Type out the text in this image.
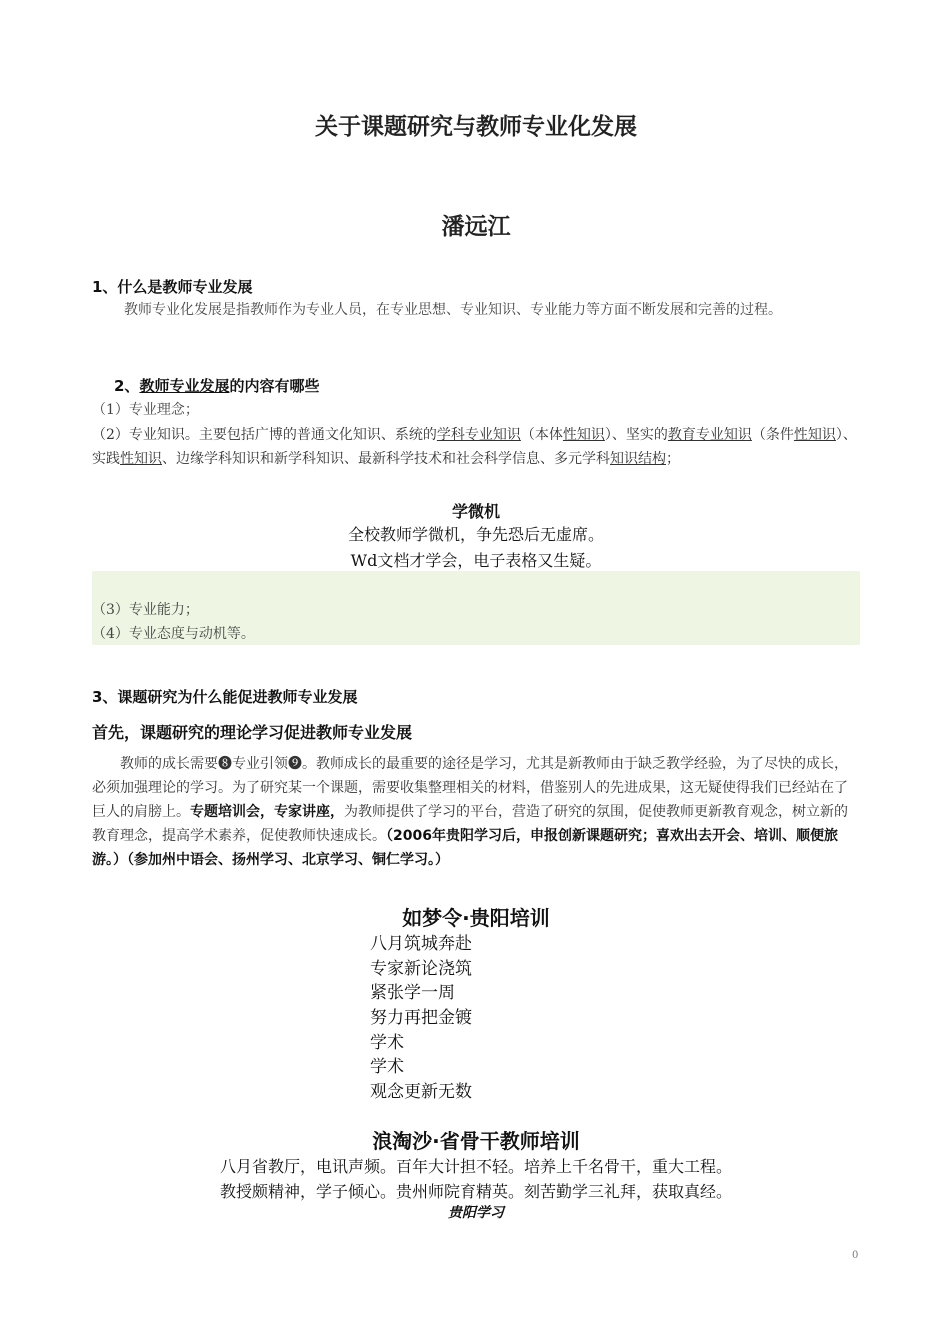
关于课题研究与教师专业化发展
潘远江
1、什么是教师专业发展
教师专业化发展是指教师作为专业人员，在专业思想、专业知识、专业能力等方面不断发展和完善的过程。
2、教师专业发展的内容有哪些
（1）专业理念；
（2）专业知识。主要包括广博的普通文化知识、系统的学科专业知识（本体性知识）、坚实的教育专业知识（条件性知识）、实践性知识、边缘学科知识和新学科知识、最新科学技术和社会科学信息、多元学科知识结构；
学微机
全校教师学微机，争先恐后无虚席。
Wd文档才学会，电子表格又生疑。
（3）专业能力；
（4）专业态度与动机等。
3、课题研究为什么能促进教师专业发展
首先，课题研究的理论学习促进教师专业发展
教师的成长需要❽专业引领❾。教师成长的最重要的途径是学习，尤其是新教师由于缺乏教学经验，为了尽快的成长，必须加强理论的学习。为了研究某一个课题，需要收集整理相关的材料，借鉴别人的先进成果，这无疑使得我们已经站在了巨人的肩膀上。专题培训会，专家讲座，为教师提供了学习的平台，营造了研究的氛围，促使教师更新教育观念，树立新的教育理念，提高学术素养，促使教师快速成长。（2006年贵阳学习后，申报创新课题研究；喜欢出去开会、培训、顺便旅游。）（参加州中语会、扬州学习、北京学习、铜仁学习。）
如梦令·贵阳培训
八月筑城奔赴
专家新论浇筑
紧张学一周
努力再把金镀
学术
学术
观念更新无数
浪淘沙·省骨干教师培训
八月省教厅，电讯声频。百年大计担不轻。培养上千名骨干，重大工程。
教授颇精神，学子倾心。贵州师院育精英。刻苦勤学三礼拜，获取真经。
贵阳学习
0
